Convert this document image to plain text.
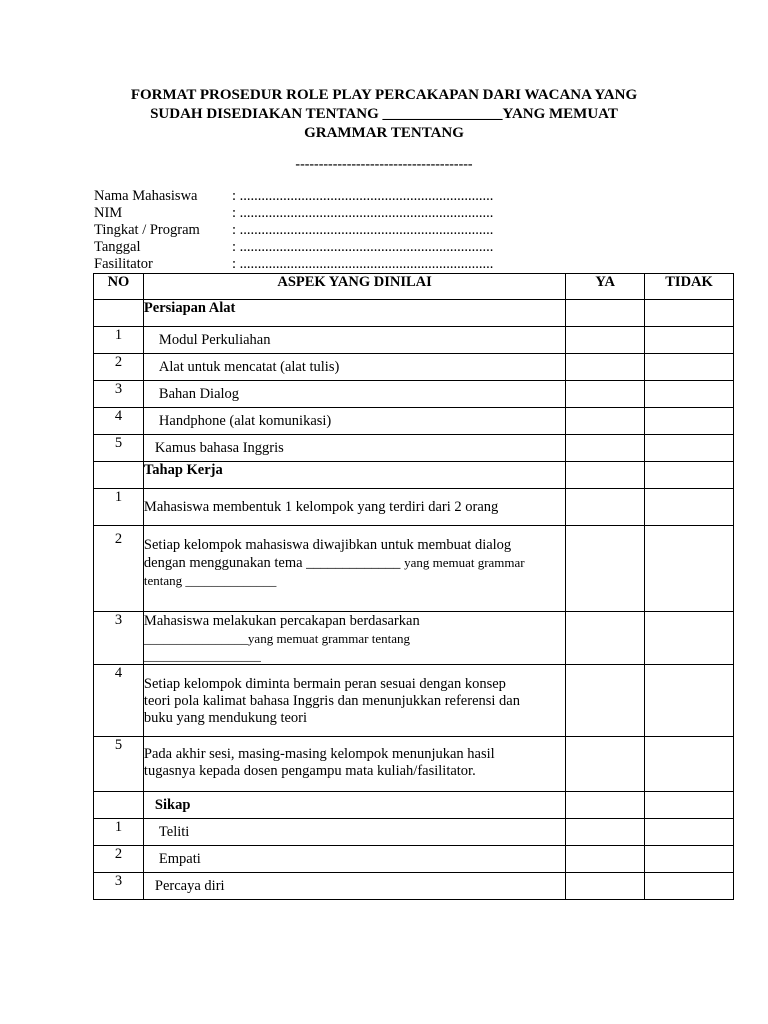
FORMAT PROSEDUR ROLE PLAY PERCAKAPAN DARI WACANA YANG
SUDAH DISEDIAKAN TENTANG ________________YANG MEMUAT
GRAMMAR TENTANG
--------------------------------------
Nama Mahasiswa : ......................................................................
NIM	: ......................................................................
Tingkat / Program : ......................................................................
Tanggal	: ......................................................................
Fasilitator	: ......................................................................
NO	ASPEK YANG DINILAI	YA	TIDAK
	Persiapan Alat		
1	Modul Perkuliahan		
2	Alat untuk mencatat (alat tulis)		
3	Bahan Dialog		
4	Handphone (alat komunikasi)		
5	Kamus bahasa Inggris		
	Tahap Kerja		
1	Mahasiswa membentuk 1 kelompok yang terdiri dari 2 orang		
2	Setiap kelompok mahasiswa diwajibkan untuk membuat dialog
dengan menggunakan tema _____________ yang memuat grammar
tentang ______________		

3	Mahasiswa melakukan percakapan berdasarkan
________________yang memuat grammar tentang
__________________		

4	Setiap kelompok diminta bermain peran sesuai dengan konsep
teori pola kalimat bahasa Inggris dan menunjukkan referensi dan
buku yang mendukung teori		

5	Pada akhir sesi, masing-masing kelompok menunjukan hasil
tugasnya kepada dosen pengampu mata kuliah/fasilitator.		

	Sikap		
1	Teliti		
2	Empati		
3	Percaya diri		
